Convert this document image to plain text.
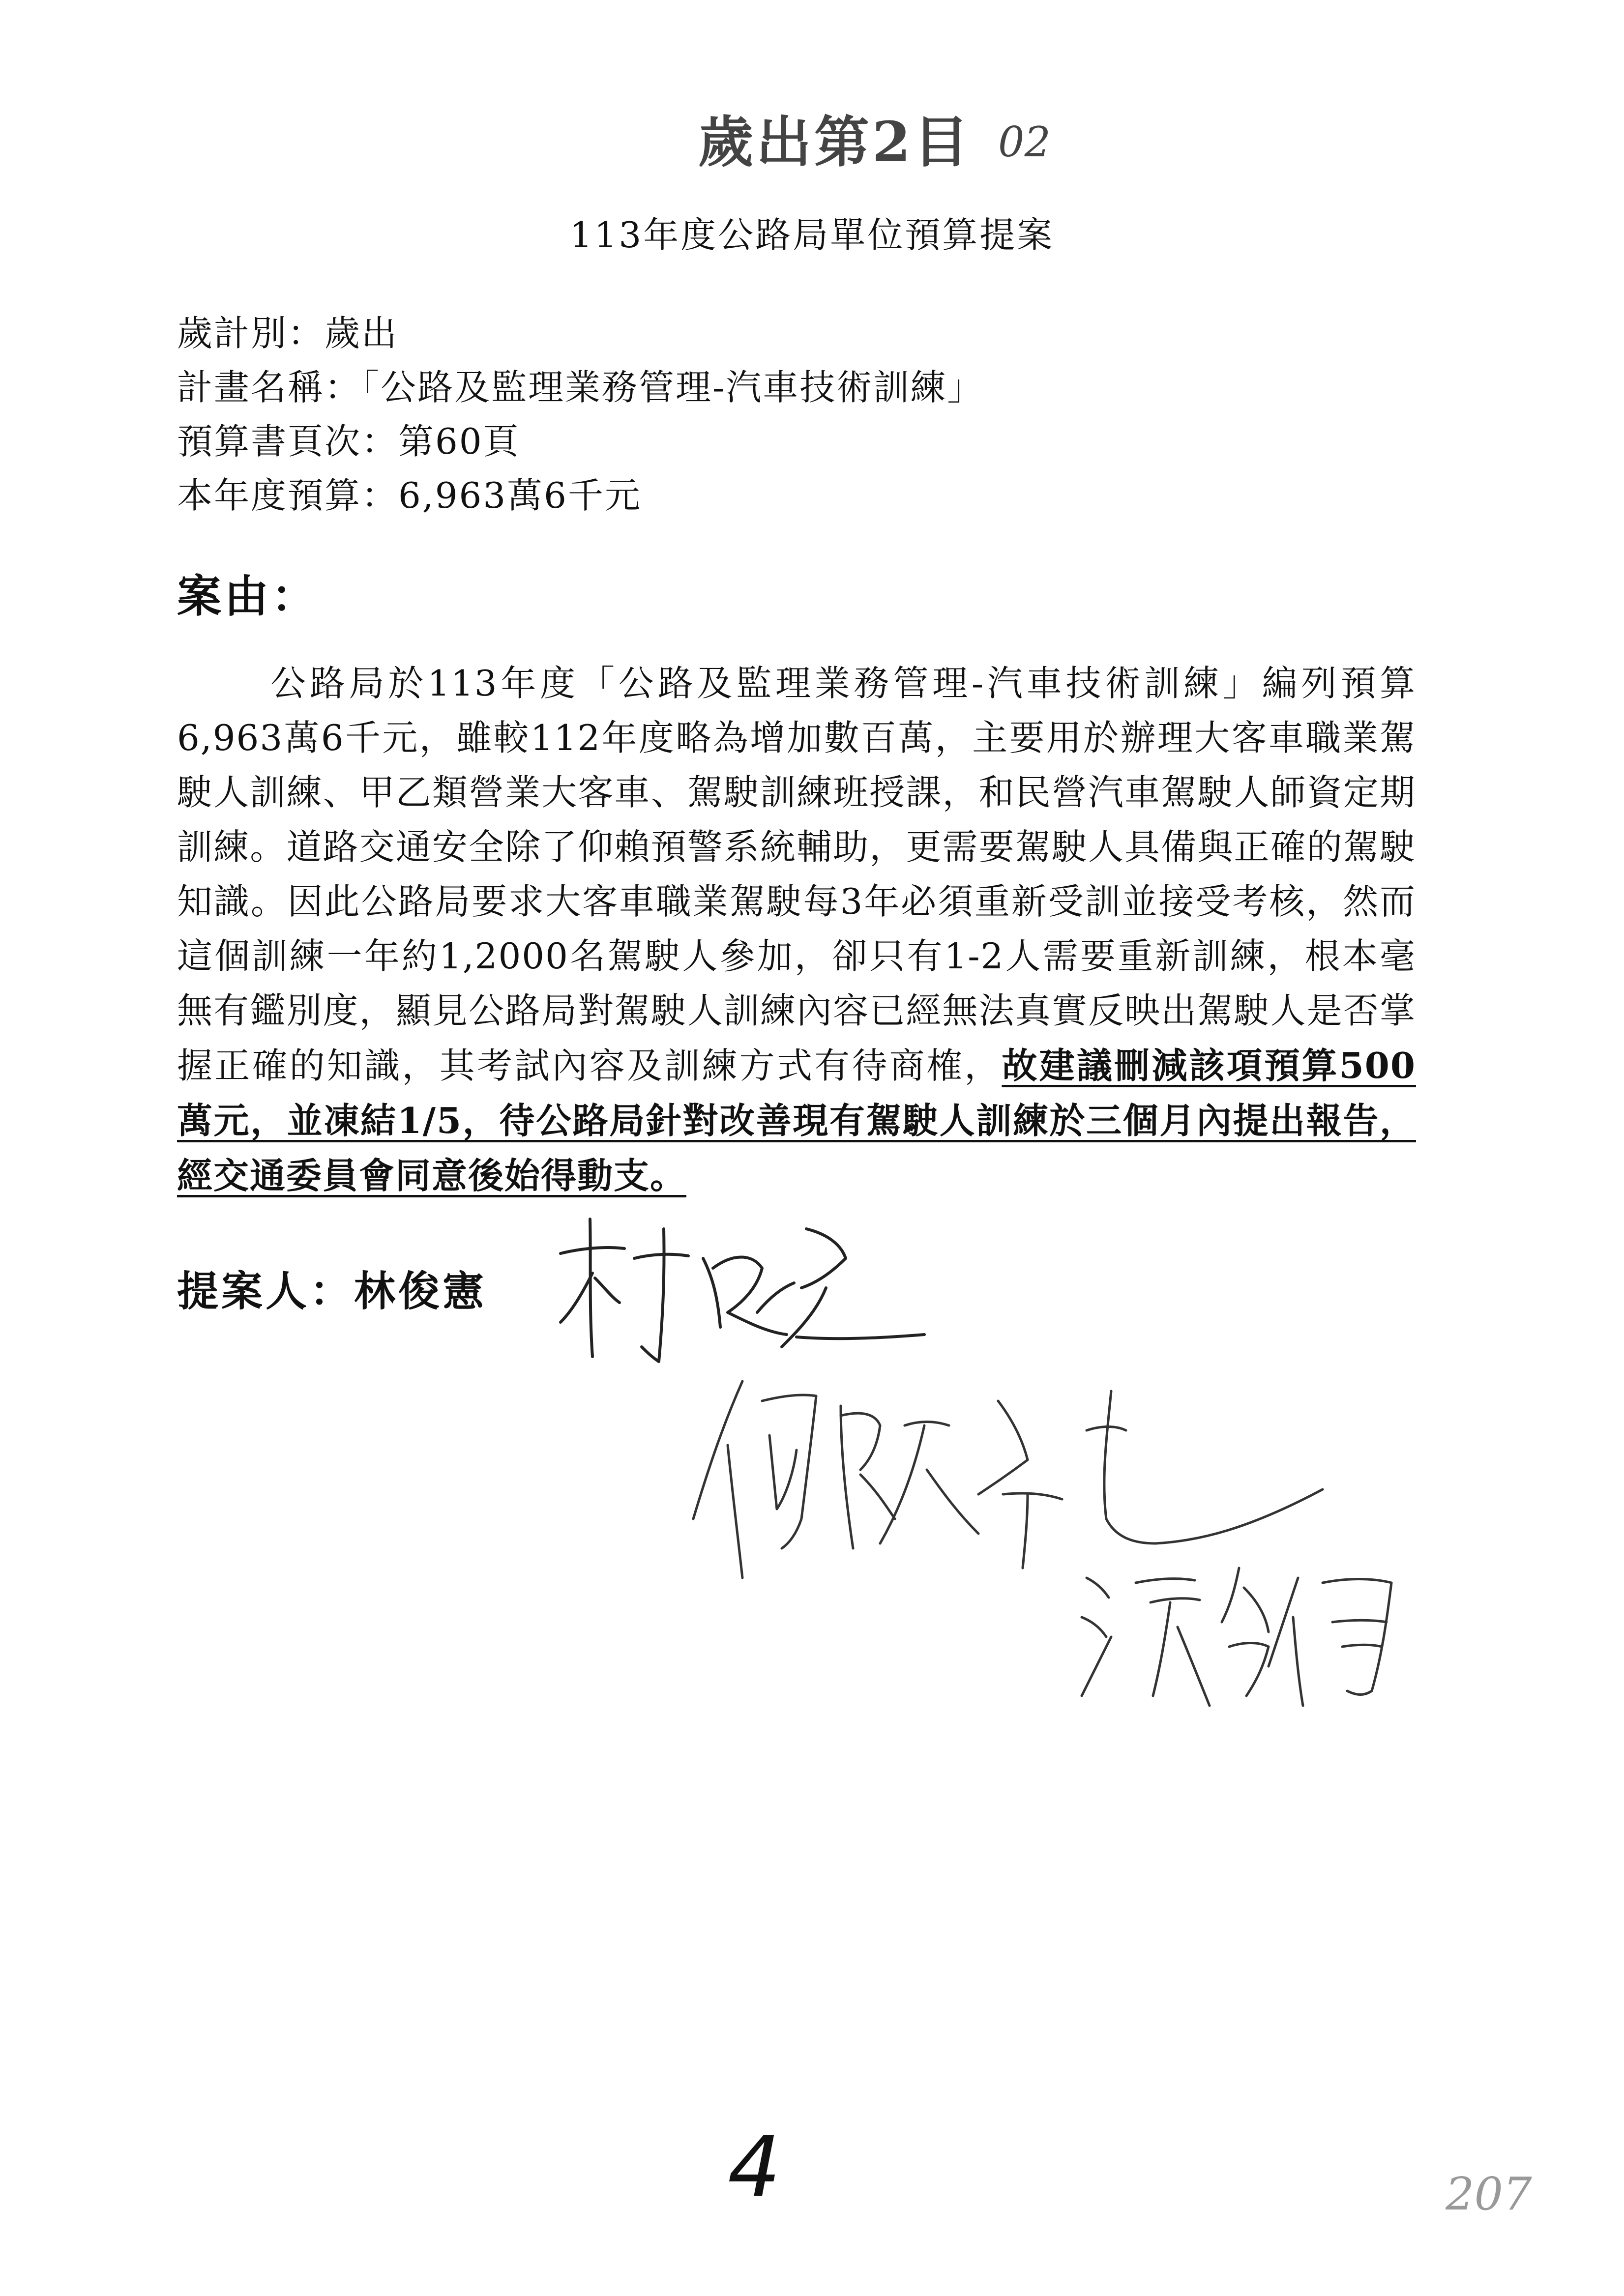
歲出第2目 02
113年度公路局單位預算提案
歲計別：歲出
計畫名稱：「公路及監理業務管理-汽車技術訓練」
預算書頁次：第60頁
本年度預算：6,963萬6千元
案由：
公路局於113年度「公路及監理業務管理-汽車技術訓練」編列預算6,963萬6千元，雖較112年度略為增加數百萬，主要用於辦理大客車職業駕駛人訓練、甲乙類營業大客車、駕駛訓練班授課，和民營汽車駕駛人師資定期訓練。道路交通安全除了仰賴預警系統輔助，更需要駕駛人具備與正確的駕駛知識。因此公路局要求大客車職業駕駛每3年必須重新受訓並接受考核，然而這個訓練一年約1,2000名駕駛人參加，卻只有1-2人需要重新訓練，根本毫無有鑑別度，顯見公路局對駕駛人訓練內容已經無法真實反映出駕駛人是否掌握正確的知識，其考試內容及訓練方式有待商榷，故建議刪減該項預算500萬元，並凍結1/5，待公路局針對改善現有駕駛人訓練於三個月內提出報告，經交通委員會同意後始得動支。
提案人：林俊憲
4	207
